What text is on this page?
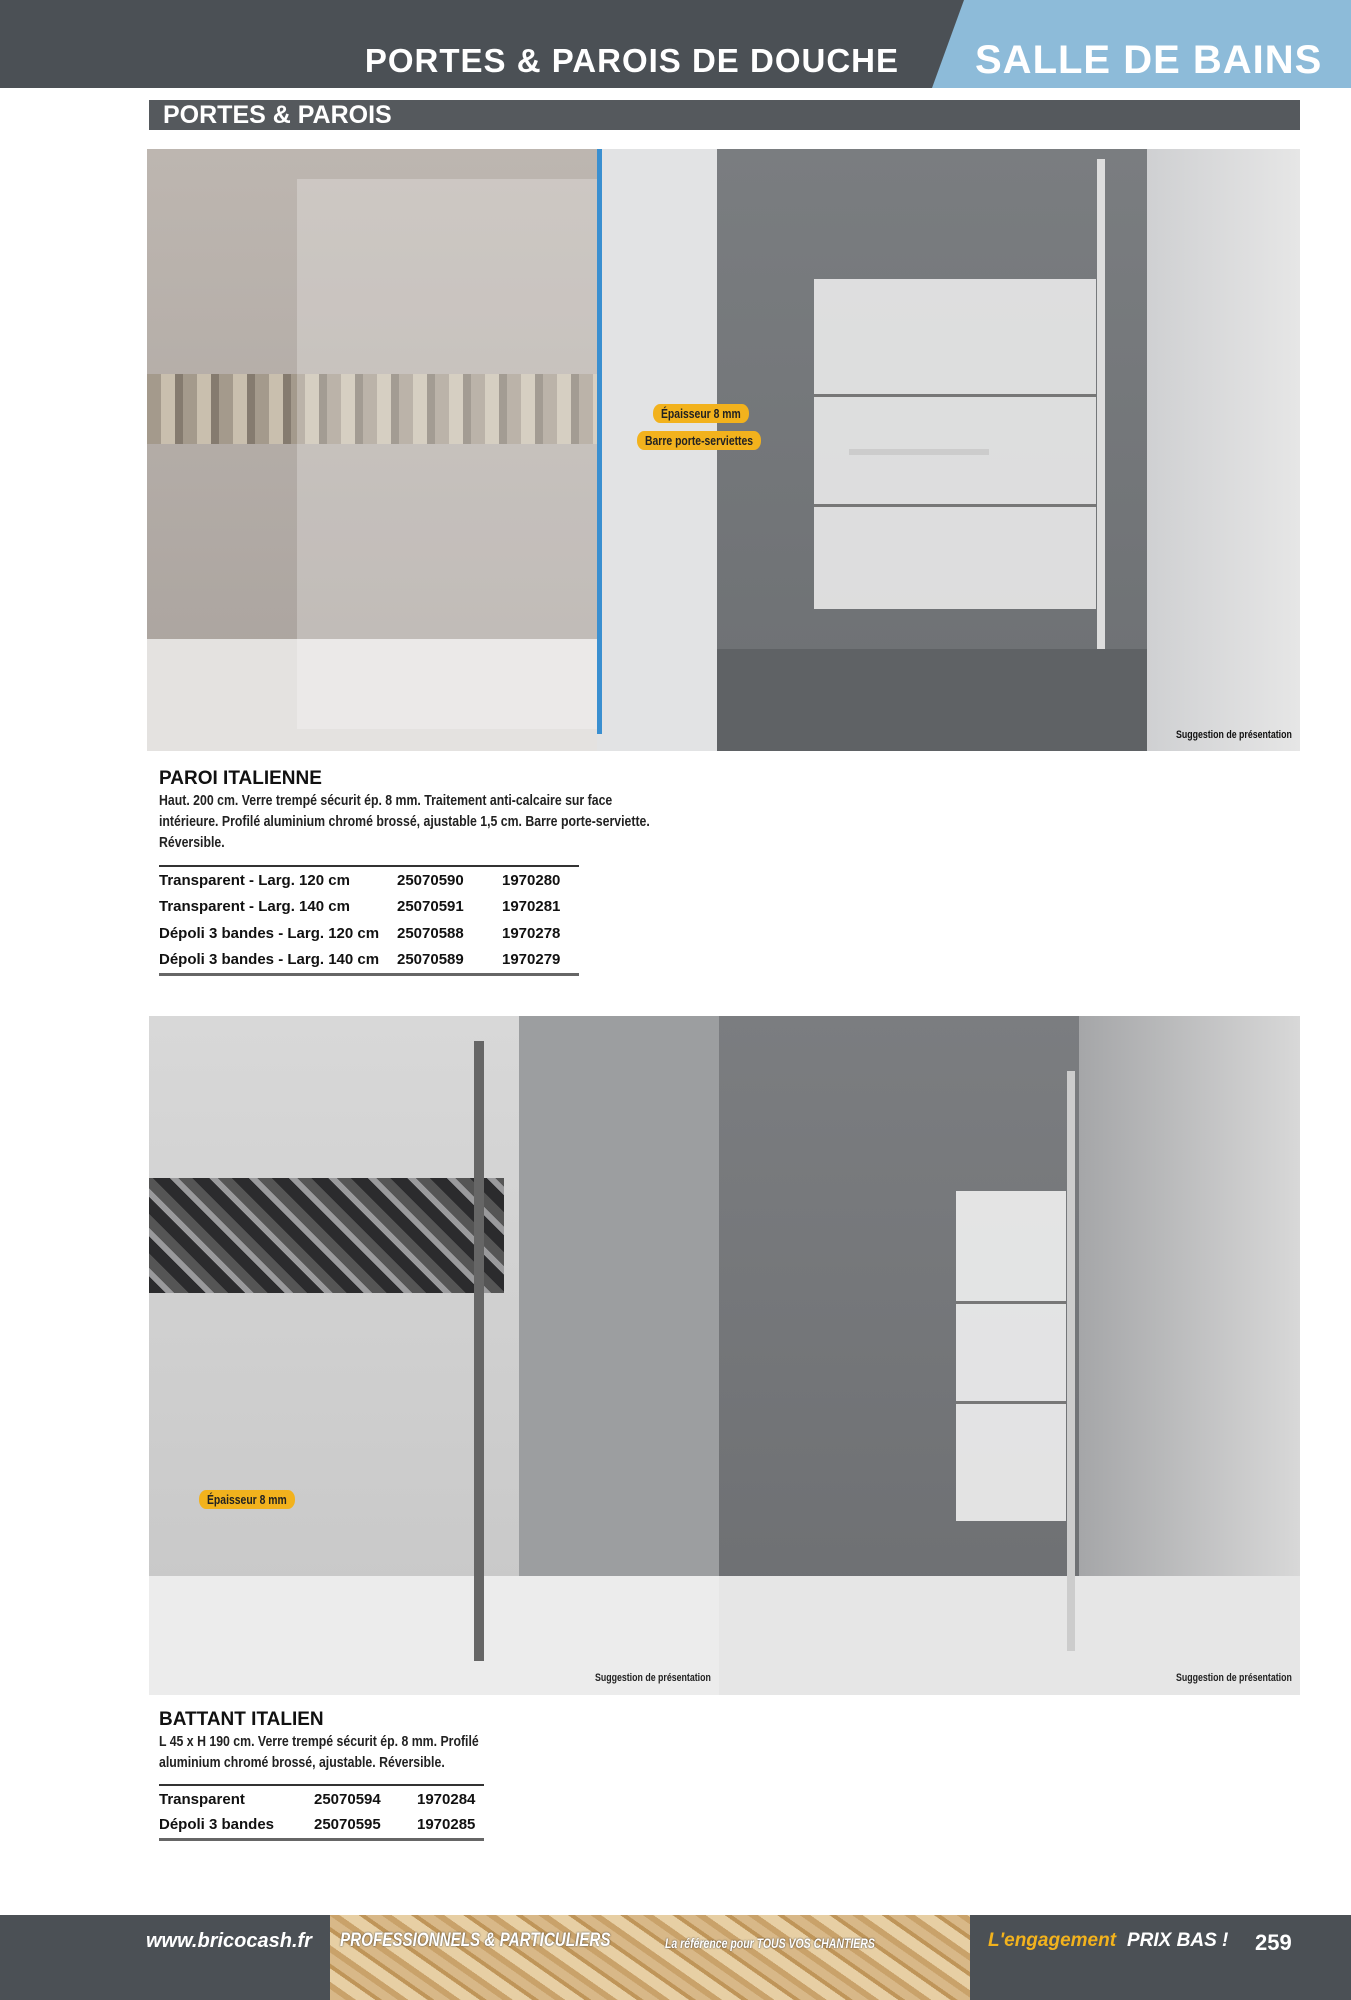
PORTES & PAROIS DE DOUCHE SALLE DE BAINS
PORTES & PAROIS
Épaisseur 8 mm
Barre porte-serviettes
Suggestion de présentation
PAROI ITALIENNE
Haut. 200 cm. Verre trempé sécurit ép. 8 mm. Traitement anti-calcaire sur face intérieure. Profilé aluminium chromé brossé, ajustable 1,5 cm. Barre porte-serviette. Réversible.
Transparent - Larg. 120 cm	25070590	1970280
Transparent - Larg. 140 cm	25070591	1970281
Dépoli 3 bandes - Larg. 120 cm	25070588	1970278
Dépoli 3 bandes - Larg. 140 cm	25070589	1970279
Épaisseur 8 mm
Suggestion de présentation	Suggestion de présentation
BATTANT ITALIEN
L 45 x H 190 cm. Verre trempé sécurit ép. 8 mm. Profilé aluminium chromé brossé, ajustable. Réversible.
Transparent	25070594	1970284
Dépoli 3 bandes	25070595	1970285
www.bricocash.fr PROFESSIONNELS & PARTICULIERS	La référence pour TOUS VOS CHANTIERS	L'engagement PRIX BAS ! 259
